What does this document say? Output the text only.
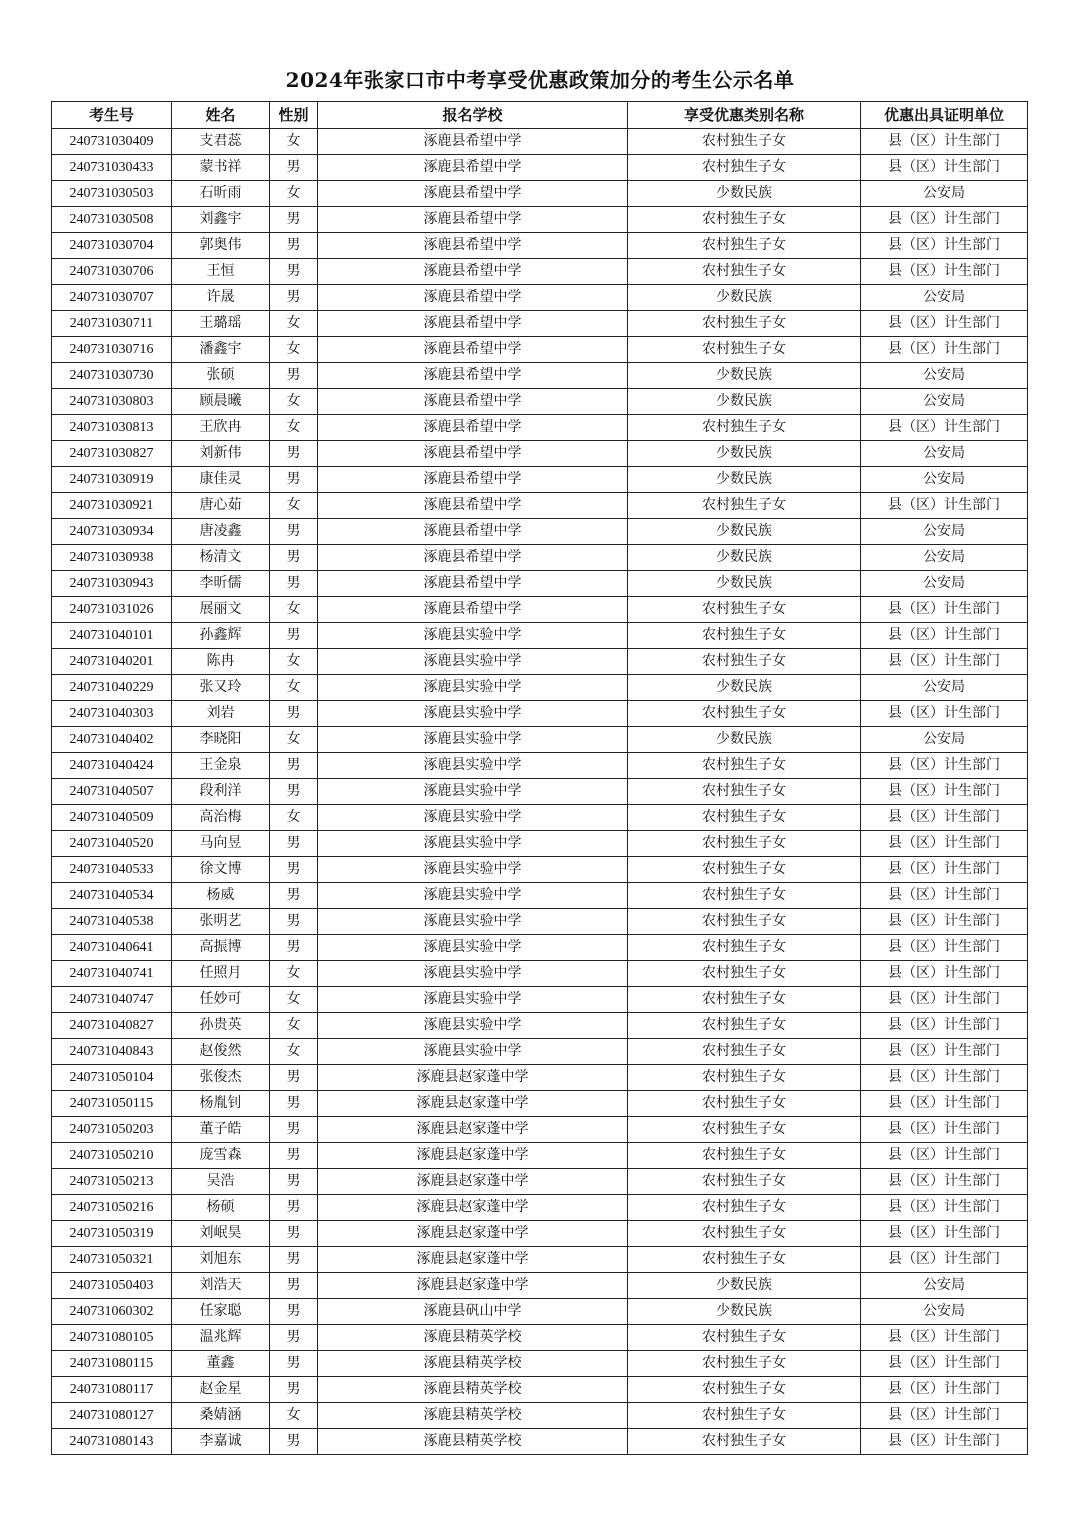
2024年张家口市中考享受优惠政策加分的考生公示名单
考生号	姓名	性别	报名学校	享受优惠类别名称	优惠出具证明单位
240731030409	支君蕊	女	涿鹿县希望中学	农村独生子女	县（区）计生部门
240731030433	蒙书祥	男	涿鹿县希望中学	农村独生子女	县（区）计生部门
240731030503	石昕雨	女	涿鹿县希望中学	少数民族	公安局
240731030508	刘鑫宇	男	涿鹿县希望中学	农村独生子女	县（区）计生部门
240731030704	郭奥伟	男	涿鹿县希望中学	农村独生子女	县（区）计生部门
240731030706	王恒	男	涿鹿县希望中学	农村独生子女	县（区）计生部门
240731030707	许晟	男	涿鹿县希望中学	少数民族	公安局
240731030711	王璐瑶	女	涿鹿县希望中学	农村独生子女	县（区）计生部门
240731030716	潘鑫宇	女	涿鹿县希望中学	农村独生子女	县（区）计生部门
240731030730	张硕	男	涿鹿县希望中学	少数民族	公安局
240731030803	顾晨曦	女	涿鹿县希望中学	少数民族	公安局
240731030813	王欣冉	女	涿鹿县希望中学	农村独生子女	县（区）计生部门
240731030827	刘新伟	男	涿鹿县希望中学	少数民族	公安局
240731030919	康佳灵	男	涿鹿县希望中学	少数民族	公安局
240731030921	唐心茹	女	涿鹿县希望中学	农村独生子女	县（区）计生部门
240731030934	唐凌鑫	男	涿鹿县希望中学	少数民族	公安局
240731030938	杨清文	男	涿鹿县希望中学	少数民族	公安局
240731030943	李昕儒	男	涿鹿县希望中学	少数民族	公安局
240731031026	展丽文	女	涿鹿县希望中学	农村独生子女	县（区）计生部门
240731040101	孙鑫辉	男	涿鹿县实验中学	农村独生子女	县（区）计生部门
240731040201	陈冉	女	涿鹿县实验中学	农村独生子女	县（区）计生部门
240731040229	张又玲	女	涿鹿县实验中学	少数民族	公安局
240731040303	刘岩	男	涿鹿县实验中学	农村独生子女	县（区）计生部门
240731040402	李晓阳	女	涿鹿县实验中学	少数民族	公安局
240731040424	王金泉	男	涿鹿县实验中学	农村独生子女	县（区）计生部门
240731040507	段利洋	男	涿鹿县实验中学	农村独生子女	县（区）计生部门
240731040509	高治梅	女	涿鹿县实验中学	农村独生子女	县（区）计生部门
240731040520	马向昱	男	涿鹿县实验中学	农村独生子女	县（区）计生部门
240731040533	徐文博	男	涿鹿县实验中学	农村独生子女	县（区）计生部门
240731040534	杨威	男	涿鹿县实验中学	农村独生子女	县（区）计生部门
240731040538	张明艺	男	涿鹿县实验中学	农村独生子女	县（区）计生部门
240731040641	高振博	男	涿鹿县实验中学	农村独生子女	县（区）计生部门
240731040741	任照月	女	涿鹿县实验中学	农村独生子女	县（区）计生部门
240731040747	任妙可	女	涿鹿县实验中学	农村独生子女	县（区）计生部门
240731040827	孙贵英	女	涿鹿县实验中学	农村独生子女	县（区）计生部门
240731040843	赵俊然	女	涿鹿县实验中学	农村独生子女	县（区）计生部门
240731050104	张俊杰	男	涿鹿县赵家蓬中学	农村独生子女	县（区）计生部门
240731050115	杨胤钊	男	涿鹿县赵家蓬中学	农村独生子女	县（区）计生部门
240731050203	董子皓	男	涿鹿县赵家蓬中学	农村独生子女	县（区）计生部门
240731050210	庞雪森	男	涿鹿县赵家蓬中学	农村独生子女	县（区）计生部门
240731050213	吴浩	男	涿鹿县赵家蓬中学	农村独生子女	县（区）计生部门
240731050216	杨硕	男	涿鹿县赵家蓬中学	农村独生子女	县（区）计生部门
240731050319	刘岷昊	男	涿鹿县赵家蓬中学	农村独生子女	县（区）计生部门
240731050321	刘旭东	男	涿鹿县赵家蓬中学	农村独生子女	县（区）计生部门
240731050403	刘浩天	男	涿鹿县赵家蓬中学	少数民族	公安局
240731060302	任家聪	男	涿鹿县矾山中学	少数民族	公安局
240731080105	温兆辉	男	涿鹿县精英学校	农村独生子女	县（区）计生部门
240731080115	董鑫	男	涿鹿县精英学校	农村独生子女	县（区）计生部门
240731080117	赵金星	男	涿鹿县精英学校	农村独生子女	县（区）计生部门
240731080127	桑婧涵	女	涿鹿县精英学校	农村独生子女	县（区）计生部门
240731080143	李嘉诚	男	涿鹿县精英学校	农村独生子女	县（区）计生部门
